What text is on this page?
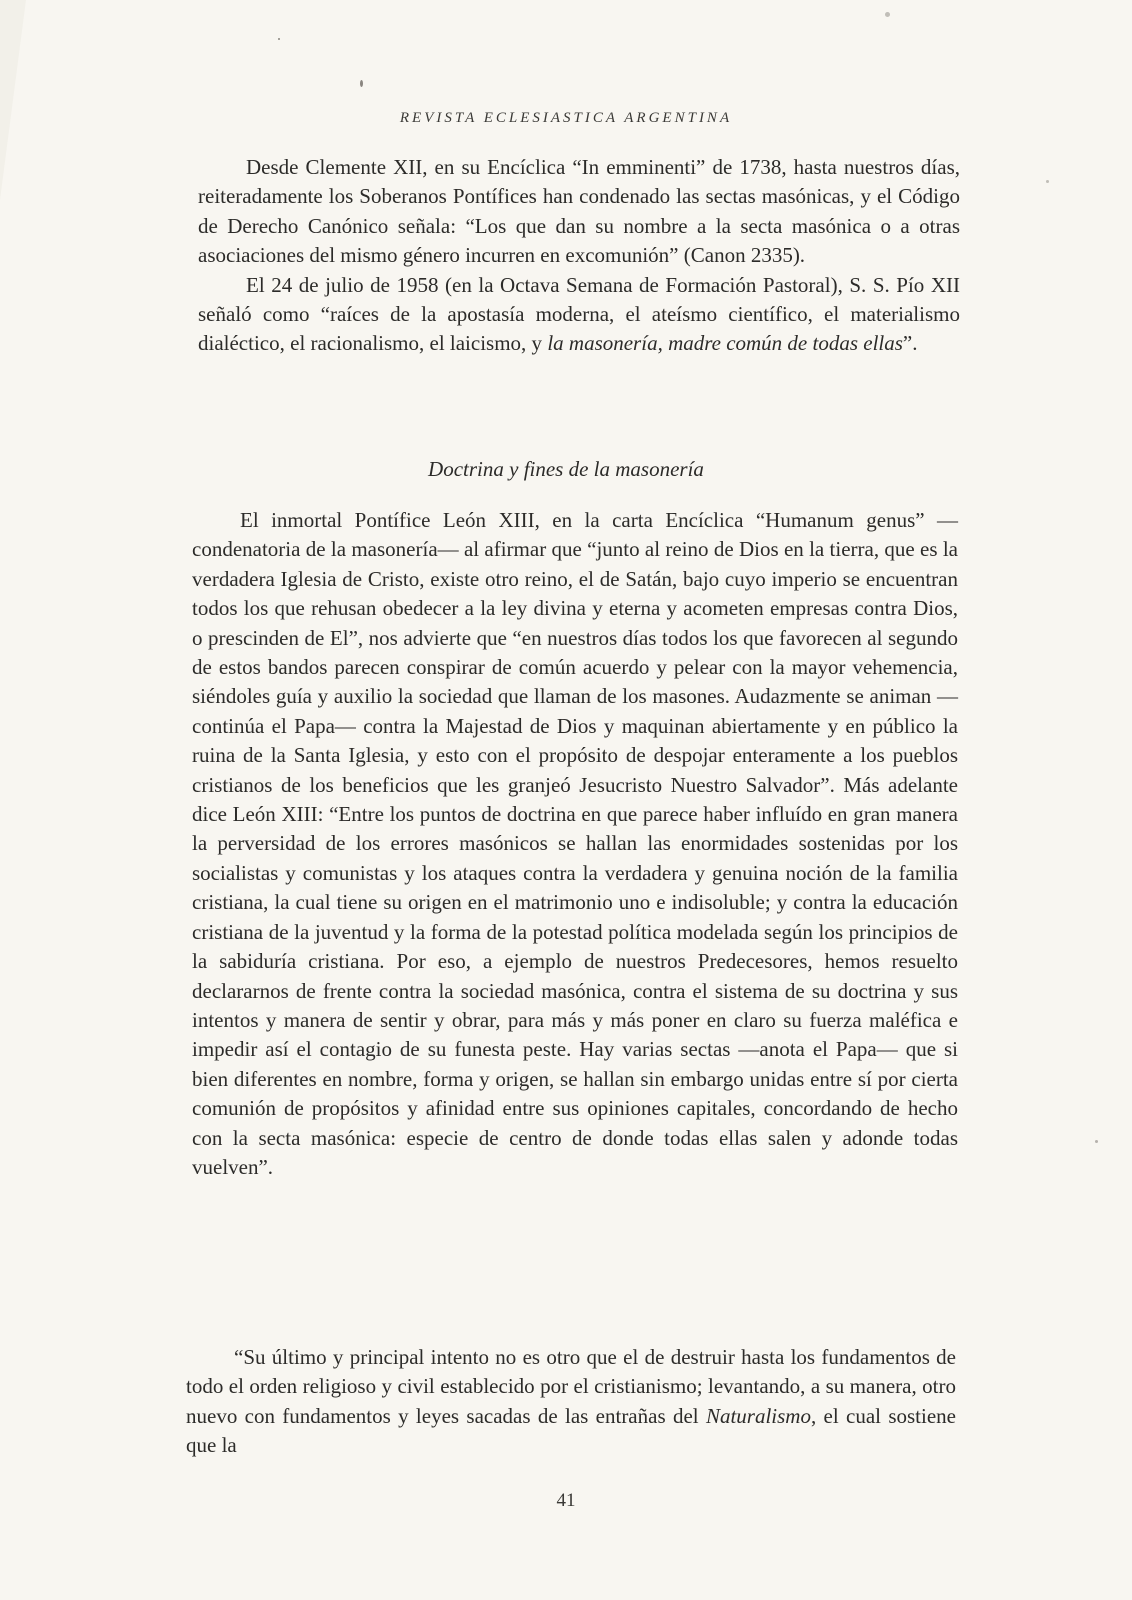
REVISTA ECLESIASTICA ARGENTINA

Desde Clemente XII, en su Encíclica “In emminenti” de 1738, hasta nuestros días, reiteradamente los Soberanos Pontífices han condenado las sectas masónicas, y el Código de Derecho Canónico señala: “Los que dan su nombre a la secta masónica o a otras asociaciones del mismo género incurren en excomunión” (Canon 2335).

El 24 de julio de 1958 (en la Octava Semana de Formación Pastoral), S. S. Pío XII señaló como “raíces de la apostasía moderna, el ateísmo científico, el materialismo dialéctico, el racionalismo, el laicismo, y la masonería, madre común de todas ellas”.

Doctrina y fines de la masonería

El inmortal Pontífice León XIII, en la carta Encíclica “Humanum genus” —condenatoria de la masonería— al afirmar que “junto al reino de Dios en la tierra, que es la verdadera Iglesia de Cristo, existe otro reino, el de Satán, bajo cuyo imperio se encuentran todos los que rehusan obedecer a la ley divina y eterna y acometen empresas contra Dios, o prescinden de El”, nos advierte que “en nuestros días todos los que favorecen al segundo de estos bandos parecen conspirar de común acuerdo y pelear con la mayor vehemencia, siéndoles guía y auxilio la sociedad que llaman de los masones. Audazmente se animan —continúa el Papa— contra la Majestad de Dios y maquinan abiertamente y en público la ruina de la Santa Iglesia, y esto con el propósito de despojar enteramente a los pueblos cristianos de los beneficios que les granjeó Jesucristo Nuestro Salvador”. Más adelante dice León XIII: “Entre los puntos de doctrina en que parece haber influído en gran manera la perversidad de los errores masónicos se hallan las enormidades sostenidas por los socialistas y comunistas y los ataques contra la verdadera y genuina noción de la familia cristiana, la cual tiene su origen en el matrimonio uno e indisoluble; y contra la educación cristiana de la juventud y la forma de la potestad política modelada según los principios de la sabiduría cristiana. Por eso, a ejemplo de nuestros Predecesores, hemos resuelto declararnos de frente contra la sociedad masónica, contra el sistema de su doctrina y sus intentos y manera de sentir y obrar, para más y más poner en claro su fuerza maléfica e impedir así el contagio de su funesta peste. Hay varias sectas —anota el Papa— que si bien diferentes en nombre, forma y origen, se hallan sin embargo unidas entre sí por cierta comunión de propósitos y afinidad entre sus opiniones capitales, concordando de hecho con la secta masónica: especie de centro de donde todas ellas salen y adonde todas vuelven”.

“Su último y principal intento no es otro que el de destruir hasta los fundamentos de todo el orden religioso y civil establecido por el cristianismo; levantando, a su manera, otro nuevo con fundamentos y leyes sacadas de las entrañas del Naturalismo, el cual sostiene que la

41
